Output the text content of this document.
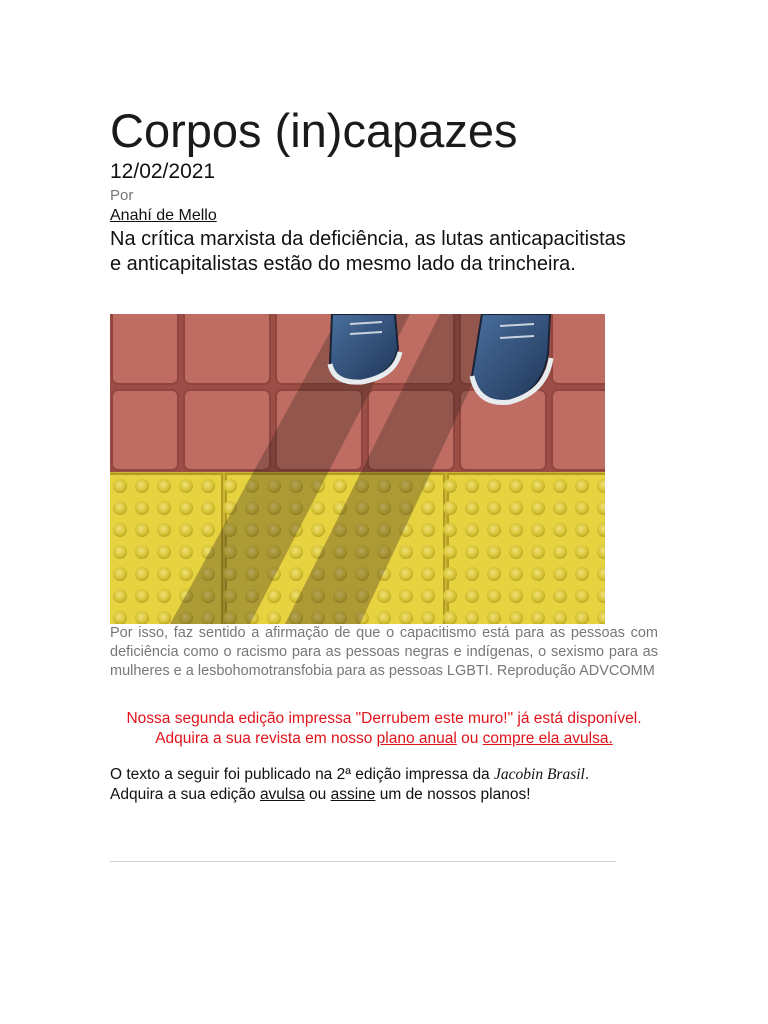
Corpos (in)capazes
12/02/2021
Por
Anahí de Mello
Na crítica marxista da deficiência, as lutas anticapacitistas e anticapitalistas estão do mesmo lado da trincheira.
Por isso, faz sentido a afirmação de que o capacitismo está para as pessoas com deficiência como o racismo para as pessoas negras e indígenas, o sexismo para as mulheres e a lesbohomotransfobia para as pessoas LGBTI. Reprodução ADVCOMM
Nossa segunda edição impressa "Derrubem este muro!" já está disponível. Adquira a sua revista em nosso plano anual ou compre ela avulsa.
O texto a seguir foi publicado na 2ª edição impressa da Jacobin Brasil.
Adquira a sua edição avulsa ou assine um de nossos planos!
